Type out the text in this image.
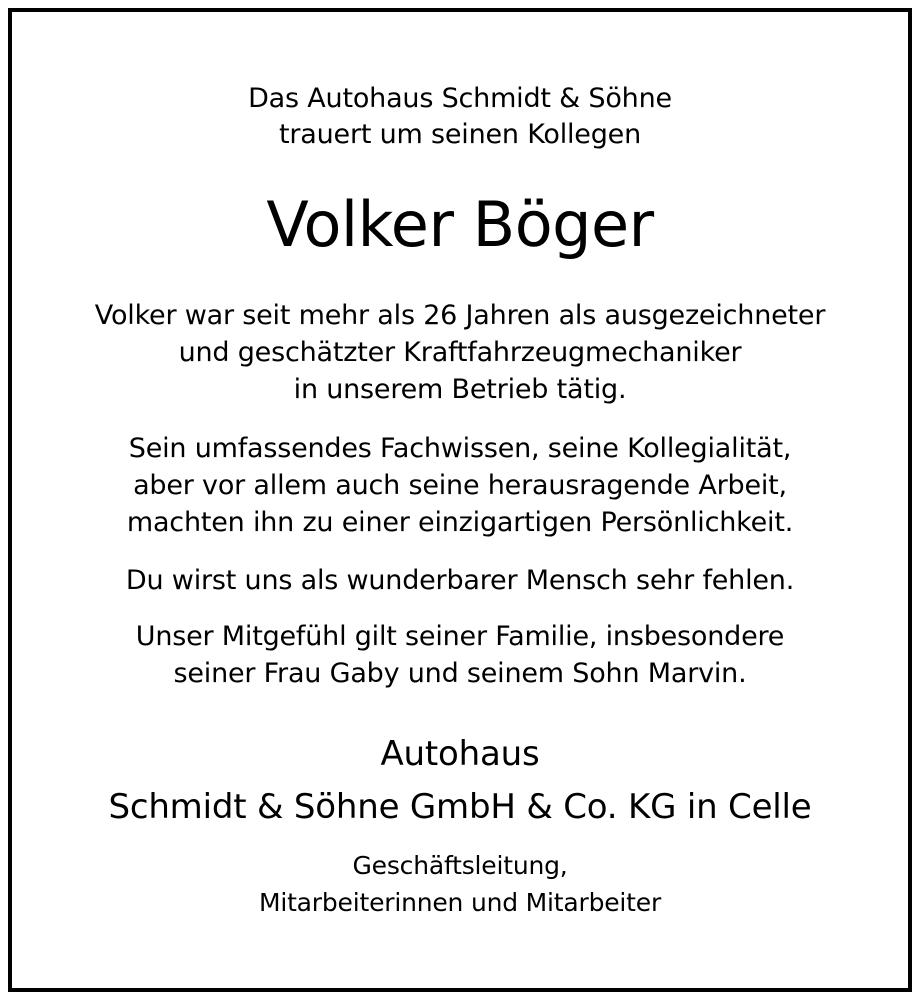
Das Autohaus Schmidt & Söhne
trauert um seinen Kollegen
Volker Böger
Volker war seit mehr als 26 Jahren als ausgezeichneter
und geschätzter Kraftfahrzeugmechaniker
in unserem Betrieb tätig.
Sein umfassendes Fachwissen, seine Kollegialität,
aber vor allem auch seine herausragende Arbeit,
machten ihn zu einer einzigartigen Persönlichkeit.
Du wirst uns als wunderbarer Mensch sehr fehlen.
Unser Mitgefühl gilt seiner Familie, insbesondere
seiner Frau Gaby und seinem Sohn Marvin.
Autohaus
Schmidt & Söhne GmbH & Co. KG in Celle
Geschäftsleitung,
Mitarbeiterinnen und Mitarbeiter
